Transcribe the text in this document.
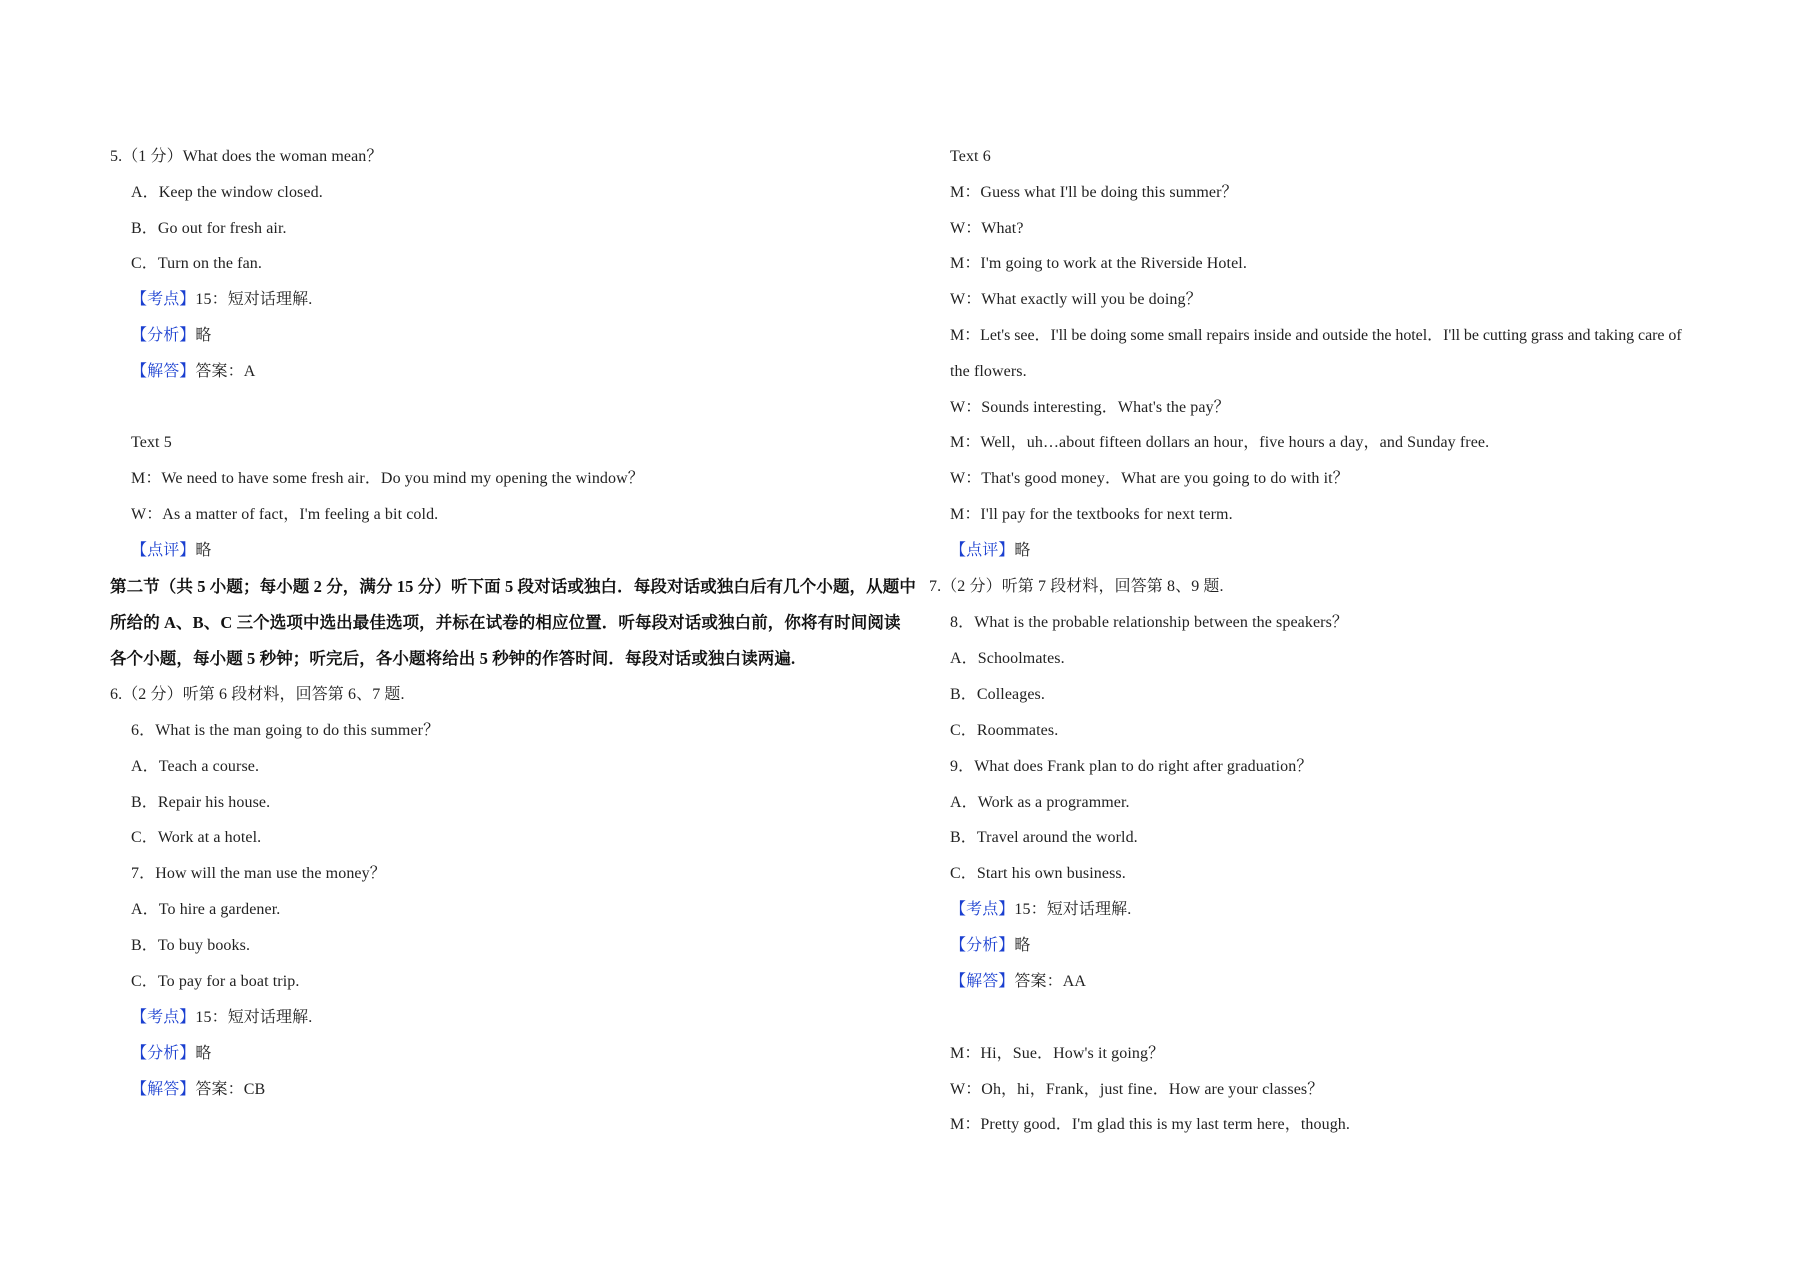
5.（1 分）What does the woman mean？
A．Keep the window closed.
B．Go out for fresh air.
C．Turn on the fan.
【考点】15：短对话理解.
【分析】略
【解答】答案：A
Text 5
M：We need to have some fresh air．Do you mind my opening the window？
W：As a matter of fact，I'm feeling a bit cold.
【点评】略
第二节（共 5 小题；每小题 2 分，满分 15 分）听下面 5 段对话或独白．每段对话或独白后有几个小题，从题中
所给的 A、B、C 三个选项中选出最佳选项，并标在试卷的相应位置．听每段对话或独白前，你将有时间阅读
各个小题，每小题 5 秒钟；听完后，各小题将给出 5 秒钟的作答时间．每段对话或独白读两遍.
6.（2 分）听第 6 段材料，回答第 6、7 题.
6．What is the man going to do this summer？
A．Teach a course.
B．Repair his house.
C．Work at a hotel.
7．How will the man use the money？
A．To hire a gardener.
B．To buy books.
C．To pay for a boat trip.
【考点】15：短对话理解.
【分析】略
【解答】答案：CB
Text 6
M：Guess what I'll be doing this summer？
W：What?
M：I'm going to work at the Riverside Hotel.
W：What exactly will you be doing？
M：Let's see．I'll be doing some small repairs inside and outside the hotel．I'll be cutting grass and taking care of
the flowers.
W：Sounds interesting．What's the pay？
M：Well，uh…about fifteen dollars an hour，five hours a day，and Sunday free.
W：That's good money．What are you going to do with it？
M：I'll pay for the textbooks for next term.
【点评】略
7.（2 分）听第 7 段材料，回答第 8、9 题.
8．What is the probable relationship between the speakers？
A．Schoolmates.
B．Colleages.
C．Roommates.
9．What does Frank plan to do right after graduation？
A．Work as a programmer.
B．Travel around the world.
C．Start his own business.
【考点】15：短对话理解.
【分析】略
【解答】答案：AA
M：Hi，Sue．How's it going？
W：Oh，hi，Frank，just fine．How are your classes？
M：Pretty good．I'm glad this is my last term here，though.
